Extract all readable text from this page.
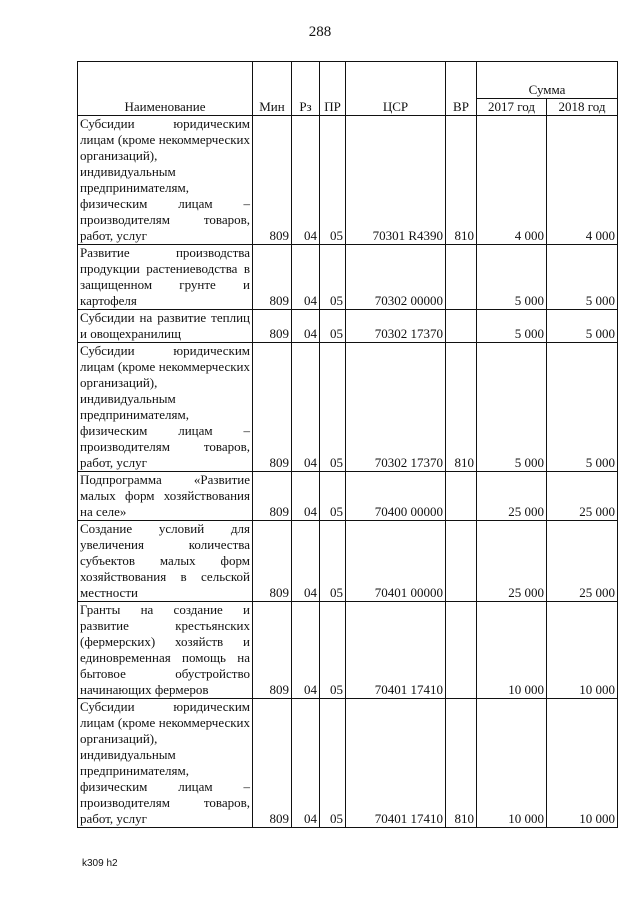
288
Наименование	Мин	Рз	ПР	ЦСР	ВР	Сумма	
						2017 год	2018 год
Субсидии юридическим лицам (кроме некоммерческих организаций), индивидуальным предпринимателям, физическим лицам – производителям товаров, работ, услуг	809	04	05	70301 R4390	810	4 000	4 000
Развитие производства продукции растениеводства в защищенном грунте и картофеля	809	04	05	70302 00000		5 000	5 000
Субсидии на развитие теплиц и овощехранилищ	809	04	05	70302 17370		5 000	5 000
Субсидии юридическим лицам (кроме некоммерческих организаций), индивидуальным предпринимателям, физическим лицам – производителям товаров, работ, услуг	809	04	05	70302 17370	810	5 000	5 000
Подпрограмма «Развитие малых форм хозяйствования на селе»	809	04	05	70400 00000		25 000	25 000
Создание условий для увеличения количества субъектов малых форм хозяйствования в сельской местности	809	04	05	70401 00000		25 000	25 000
Гранты на создание и развитие крестьянских (фермерских) хозяйств и единовременная помощь на бытовое обустройство начинающих фермеров	809	04	05	70401 17410		10 000	10 000
Субсидии юридическим лицам (кроме некоммерческих организаций), индивидуальным предпринимателям, физическим лицам – производителям товаров, работ, услуг	809	04	05	70401 17410	810	10 000	10 000
k309 h2
